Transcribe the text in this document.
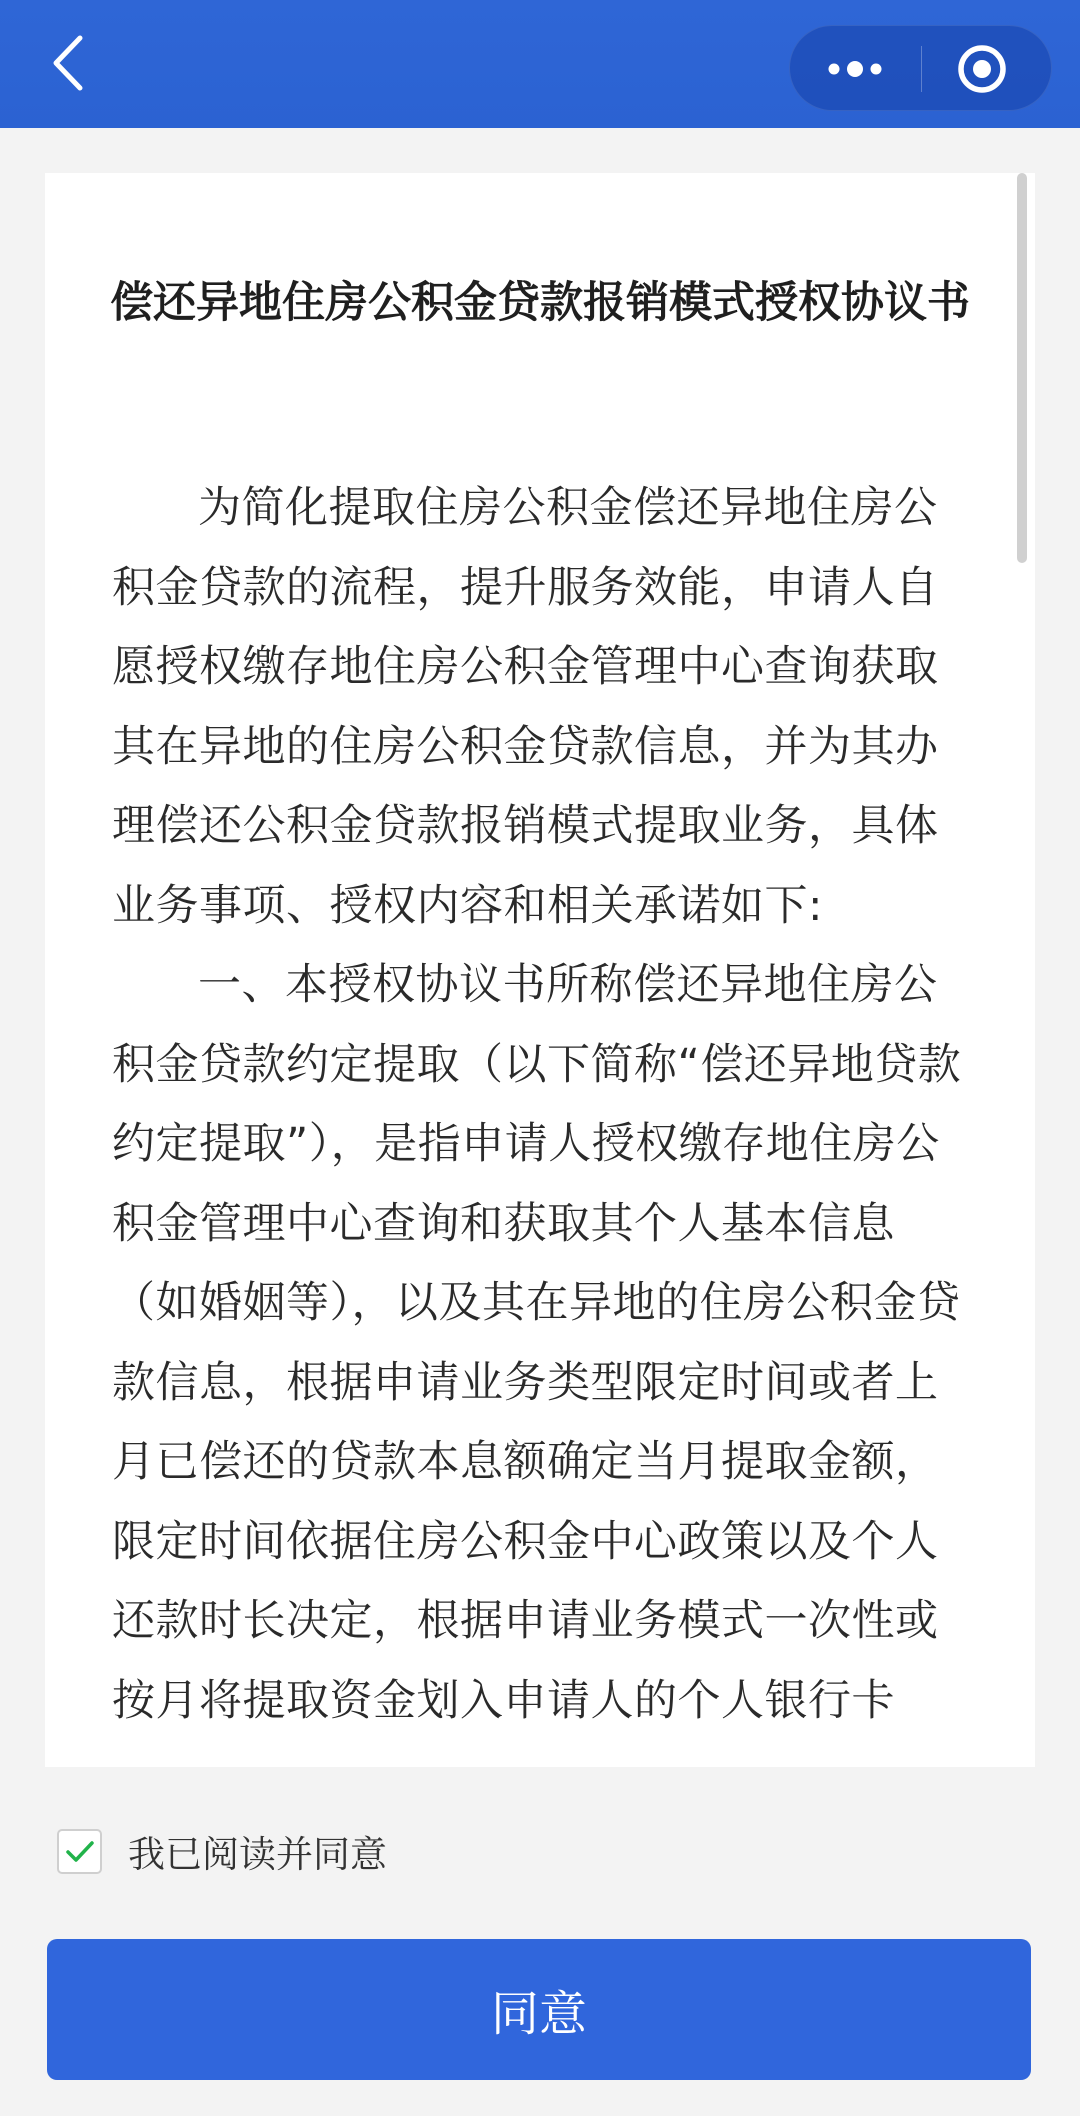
偿还异地住房公积金贷款报销模式授权协议书

为简化提取住房公积金偿还异地住房公积金贷款的流程，提升服务效能，申请人自愿授权缴存地住房公积金管理中心查询获取其在异地的住房公积金贷款信息，并为其办理偿还公积金贷款报销模式提取业务，具体业务事项、授权内容和相关承诺如下:

一、本授权协议书所称偿还异地住房公积金贷款约定提取（以下简称“偿还异地贷款约定提取”），是指申请人授权缴存地住房公积金管理中心查询和获取其个人基本信息（如婚姻等），以及其在异地的住房公积金贷款信息，根据申请业务类型限定时间或者上月已偿还的贷款本息额确定当月提取金额，限定时间依据住房公积金中心政策以及个人还款时长决定，根据申请业务模式一次性或按月将提取资金划入申请人的个人银行卡

我已阅读并同意
同意
